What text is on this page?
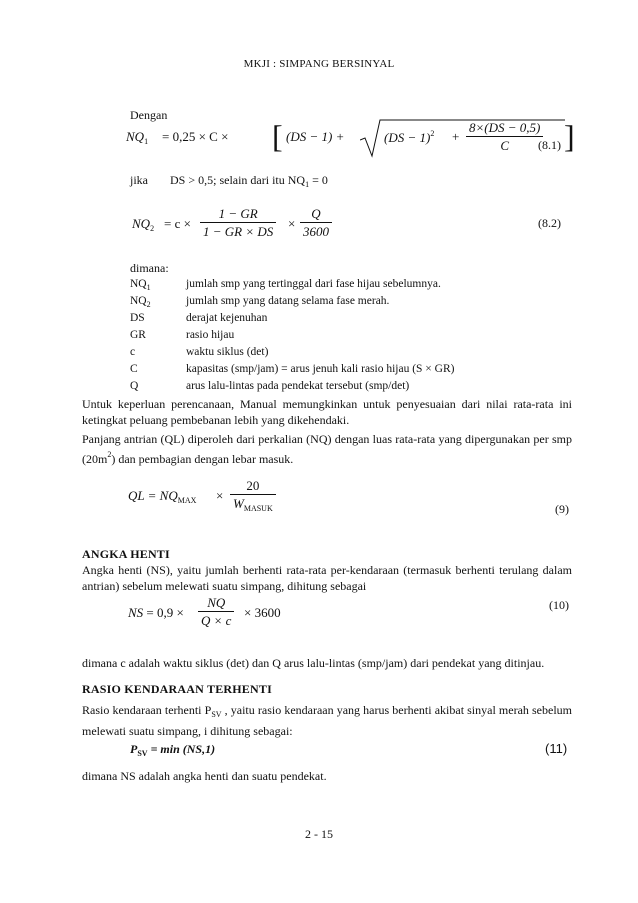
MKJI : SIMPANG BERSINYAL
Dengan
$NQ_1 = 0,25 \times C$ × [ (DS − 1) +	$(DS - 1)^2 + \frac{8\times(DS - 0,5)}{C}$ ]
(8.1)
jika DS > 0,5; selain dari itu $NQ_1 = 0$
$NQ_2 = c \times \frac{1 - GR}{1 - GR \times DS} \times \frac{Q}{3600}$	(8.2)
dimana:
$NQ_1$	jumlah smp yang tertinggal dari fase hijau sebelumnya.
$NQ_2$	jumlah smp yang datang selama fase merah.
DS	derajat kejenuhan
GR	rasio hijau
c	waktu siklus (det)
C	kapasitas (smp/jam) = arus jenuh kali rasio hijau (S × GR)
Q	arus lalu-lintas pada pendekat tersebut (smp/det)
Untuk keperluan perencanaan, Manual memungkinkan untuk penyesuaian dari nilai rata-rata ini ketingkat peluang pembebanan lebih yang dikehendaki.
Panjang antrian (QL) diperoleh dari perkalian (NQ) dengan luas rata-rata yang dipergunakan per smp $(20m^2)$ dan pembagian dengan lebar masuk.
QL = $NQ_{MAX}$ ×
20
$W_{MASUK}$	(9)
ANGKA HENTI
Angka henti (NS), yaitu jumlah berhenti rata-rata per-kendaraan (termasuk berhenti terulang dalam antrian) sebelum melewati suatu simpang, dihitung sebagai
NS = $0,9 \times \frac{NQ}{Q \times c} \times 3600$	(10)
dimana c adalah waktu siklus (det) dan Q arus lalu-lintas (smp/jam) dari pendekat yang ditinjau.
RASIO KENDARAAN TERHENTI
Rasio kendaraan terhenti $P_{SV}$ , yaitu rasio kendaraan yang harus berhenti akibat sinyal merah sebelum melewati suatu simpang, i dihitung sebagai:
$P_{SV} = \min (NS,1)$	(11)
dimana NS adalah angka henti dan suatu pendekat.
2 - 15
